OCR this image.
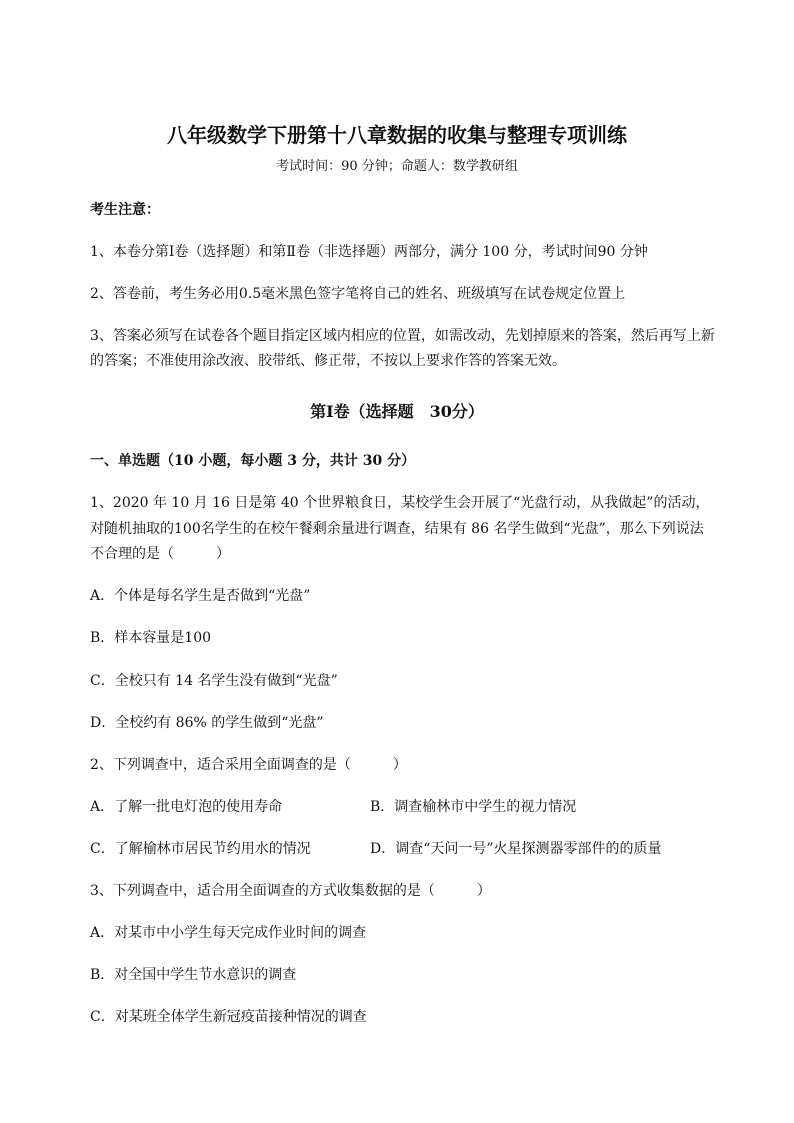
八年级数学下册第十八章数据的收集与整理专项训练
考试时间：90 分钟；命题人：数学教研组
考生注意：
1、本卷分第Ⅰ卷（选择题）和第Ⅱ卷（非选择题）两部分，满分 100 分，考试时间90 分钟
2、答卷前，考生务必用0.5毫米黑色签字笔将自己的姓名、班级填写在试卷规定位置上
3、答案必须写在试卷各个题目指定区域内相应的位置，如需改动，先划掉原来的答案，然后再写上新
的答案；不准使用涂改液、胶带纸、修正带，不按以上要求作答的答案无效。
第Ⅰ卷（选择题　30分）
一、单选题（10 小题，每小题 3 分，共计 30 分）
1、2020 年 10 月 16 日是第 40 个世界粮食日，某校学生会开展了“光盘行动，从我做起”的活动，
对随机抽取的100名学生的在校午餐剩余量进行调查，结果有 86 名学生做到“光盘”，那么下列说法
不合理的是（　　　）
A．个体是每名学生是否做到“光盘”
B．样本容量是100
C．全校只有 14 名学生没有做到“光盘”
D．全校约有 86% 的学生做到“光盘”
2、下列调查中，适合采用全面调查的是（　　　）
A．了解一批电灯泡的使用寿命	B．调查榆林市中学生的视力情况
C．了解榆林市居民节约用水的情况	D．调查“天问一号”火星探测器零部件的的质量
3、下列调查中，适合用全面调查的方式收集数据的是（　　　）
A．对某市中小学生每天完成作业时间的调查
B．对全国中学生节水意识的调查
C．对某班全体学生新冠疫苗接种情况的调查
